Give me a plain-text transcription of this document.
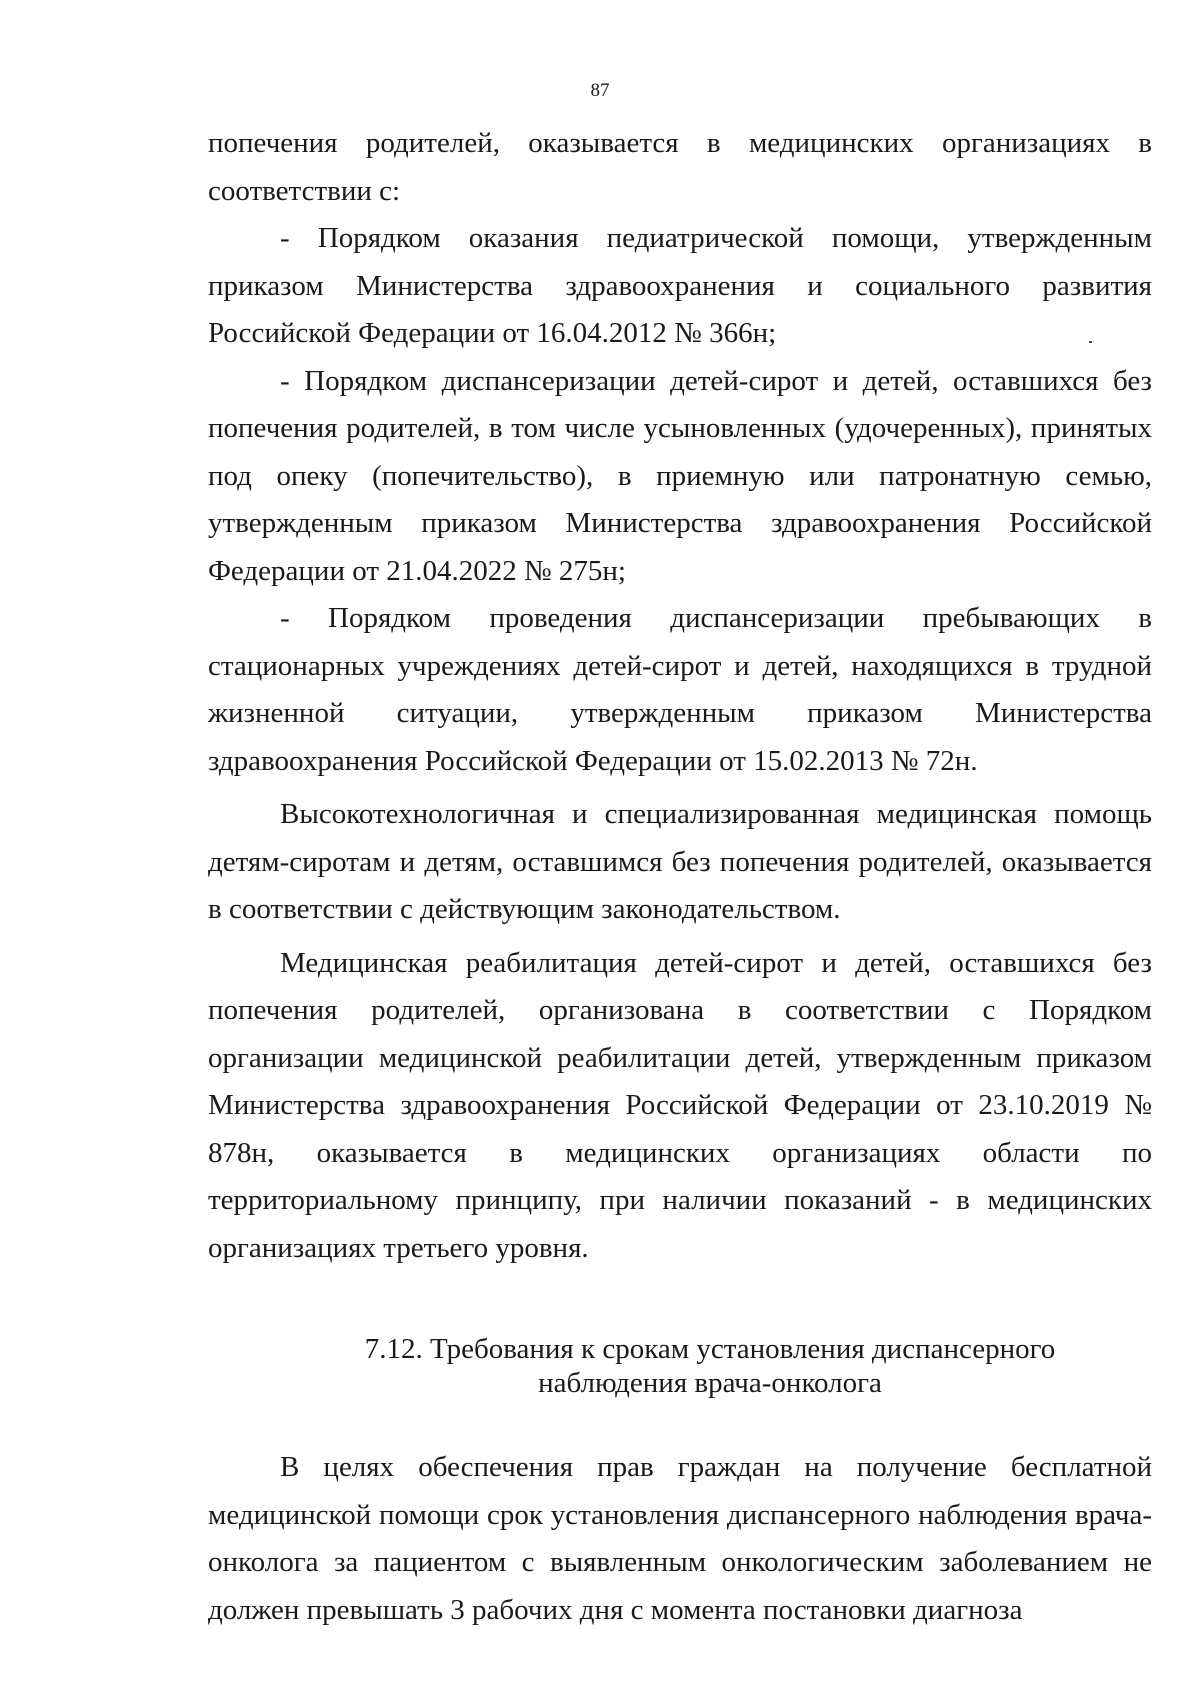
87

попечения родителей, оказывается в медицинских организациях в соответствии с:

- Порядком оказания педиатрической помощи, утвержденным приказом Министерства здравоохранения и социального развития Российской Федерации от 16.04.2012 № 366н;

- Порядком диспансеризации детей-сирот и детей, оставшихся без попечения родителей, в том числе усыновленных (удочеренных), принятых под опеку (попечительство), в приемную или патронатную семью, утвержденным приказом Министерства здравоохранения Российской Федерации от 21.04.2022 № 275н;

- Порядком проведения диспансеризации пребывающих в стационарных учреждениях детей-сирот и детей, находящихся в трудной жизненной ситуации, утвержденным приказом Министерства здравоохранения Российской Федерации от 15.02.2013 № 72н.

Высокотехнологичная и специализированная медицинская помощь детям-сиротам и детям, оставшимся без попечения родителей, оказывается в соответствии с действующим законодательством.

Медицинская реабилитация детей-сирот и детей, оставшихся без попечения родителей, организована в соответствии с Порядком организации медицинской реабилитации детей, утвержденным приказом Министерства здравоохранения Российской Федерации от 23.10.2019 № 878н, оказывается в медицинских организациях области по территориальному принципу, при наличии показаний - в медицинских организациях третьего уровня.

7.12. Требования к срокам установления диспансерного
наблюдения врача-онколога

В целях обеспечения прав граждан на получение бесплатной медицинской помощи срок установления диспансерного наблюдения врача-онколога за пациентом с выявленным онкологическим заболеванием не должен превышать 3 рабочих дня с момента постановки диагноза
